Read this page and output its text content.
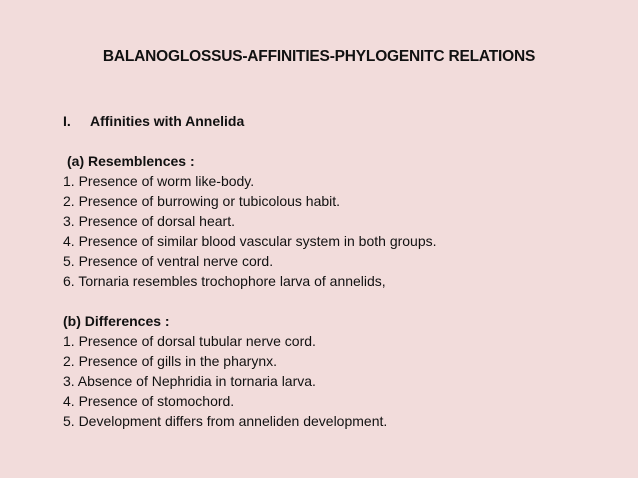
BALANOGLOSSUS-AFFINITIES-PHYLOGENITC RELATIONS
I.	Affinities with Annelida
(a) Resemblences :
1. Presence of worm like-body.
2. Presence of burrowing or tubicolous habit.
3. Presence of dorsal heart.
4. Presence of similar blood vascular system in both groups.
5. Presence of ventral nerve cord.
6. Tornaria resembles trochophore larva of annelids,
(b) Differences :
1. Presence of dorsal tubular nerve cord.
2. Presence of gills in the pharynx.
3. Absence of Nephridia in tornaria larva.
4. Presence of stomochord.
5. Development differs from anneliden development.
